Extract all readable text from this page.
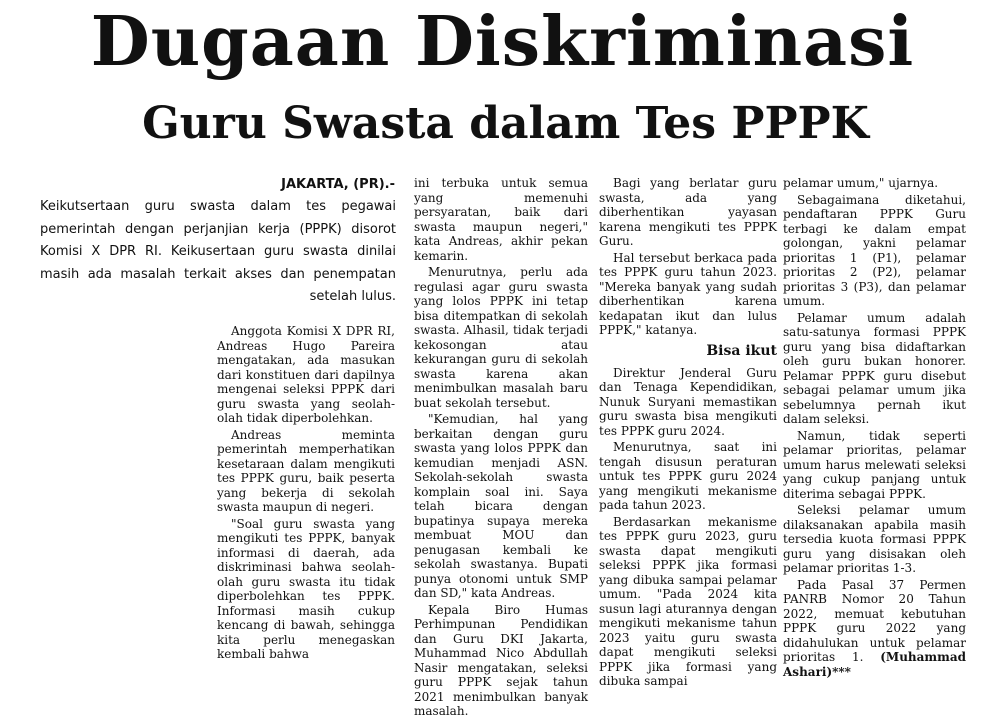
Dugaan Diskriminasi
Guru Swasta dalam Tes PPPK
JAKARTA, (PR).-
Keikutsertaan guru swasta dalam tes pegawai pemerintah dengan perjanjian kerja (PPPK) disorot Komisi X DPR RI. Keikusertaan guru swasta dinilai masih ada masalah terkait akses dan penempatan setelah lulus.

Anggota Komisi X DPR RI, Andreas Hugo Pareira mengatakan, ada masukan dari konstituen dari dapilnya mengenai seleksi PPPK dari guru swasta yang seolah-olah tidak diperbolehkan.

Andreas meminta pemerintah memperhatikan kesetaraan dalam mengikuti tes PPPK guru, baik peserta yang bekerja di sekolah swasta maupun di negeri.

"Soal guru swasta yang mengikuti tes PPPK, banyak informasi di daerah, ada diskriminasi bahwa seolah-olah guru swasta itu tidak diperbolehkan tes PPPK. Informasi masih cukup kencang di bawah, sehingga kita perlu menegaskan kembali bahwa

ini terbuka untuk semua yang memenuhi persyaratan, baik dari swasta maupun negeri," kata Andreas, akhir pekan kemarin.

Menurutnya, perlu ada regulasi agar guru swasta yang lolos PPPK ini tetap bisa ditempatkan di sekolah swasta. Alhasil, tidak terjadi kekosongan atau kekurangan guru di sekolah swasta karena akan menimbulkan masalah baru buat sekolah tersebut.

"Kemudian, hal yang berkaitan dengan guru swasta yang lolos PPPK dan kemudian menjadi ASN. Sekolah-sekolah swasta komplain soal ini. Saya telah bicara dengan bupatinya supaya mereka membuat MOU dan penugasan kembali ke sekolah swastanya. Bupati punya otonomi untuk SMP dan SD," kata Andreas.

Kepala Biro Humas Perhimpunan Pendidikan dan Guru DKI Jakarta, Muhammad Nico Abdullah Nasir mengatakan, seleksi guru PPPK sejak tahun 2021 menimbulkan banyak masalah.

Bagi yang berlatar guru swasta, ada yang diberhentikan yayasan karena mengikuti tes PPPK Guru.

Hal tersebut berkaca pada tes PPPK guru tahun 2023. "Mereka banyak yang sudah diberhentikan karena kedapatan ikut dan lulus PPPK," katanya.

Bisa ikut

Direktur Jenderal Guru dan Tenaga Kependidikan, Nunuk Suryani memastikan guru swasta bisa mengikuti tes PPPK guru 2024.

Menurutnya, saat ini tengah disusun peraturan untuk tes PPPK guru 2024 yang mengikuti mekanisme pada tahun 2023.

Berdasarkan mekanisme tes PPPK guru 2023, guru swasta dapat mengikuti seleksi PPPK jika formasi yang dibuka sampai pelamar umum. "Pada 2024 kita susun lagi aturannya dengan mengikuti mekanisme tahun 2023 yaitu guru swasta dapat mengikuti seleksi PPPK jika formasi yang dibuka sampai

pelamar umum," ujarnya.

Sebagaimana diketahui, pendaftaran PPPK Guru terbagi ke dalam empat golongan, yakni pelamar prioritas 1 (P1), pelamar prioritas 2 (P2), pelamar prioritas 3 (P3), dan pelamar umum.

Pelamar umum adalah satu-satunya formasi PPPK guru yang bisa didaftarkan oleh guru bukan honorer. Pelamar PPPK guru disebut sebagai pelamar umum jika sebelumnya pernah ikut dalam seleksi.

Namun, tidak seperti pelamar prioritas, pelamar umum harus melewati seleksi yang cukup panjang untuk diterima sebagai PPPK.

Seleksi pelamar umum dilaksanakan apabila masih tersedia kuota formasi PPPK guru yang disisakan oleh pelamar prioritas 1-3.

Pada Pasal 37 Permen PANRB Nomor 20 Tahun 2022, memuat kebutuhan PPPK guru 2022 yang didahulukan untuk pelamar prioritas 1. (Muhammad Ashari)***
